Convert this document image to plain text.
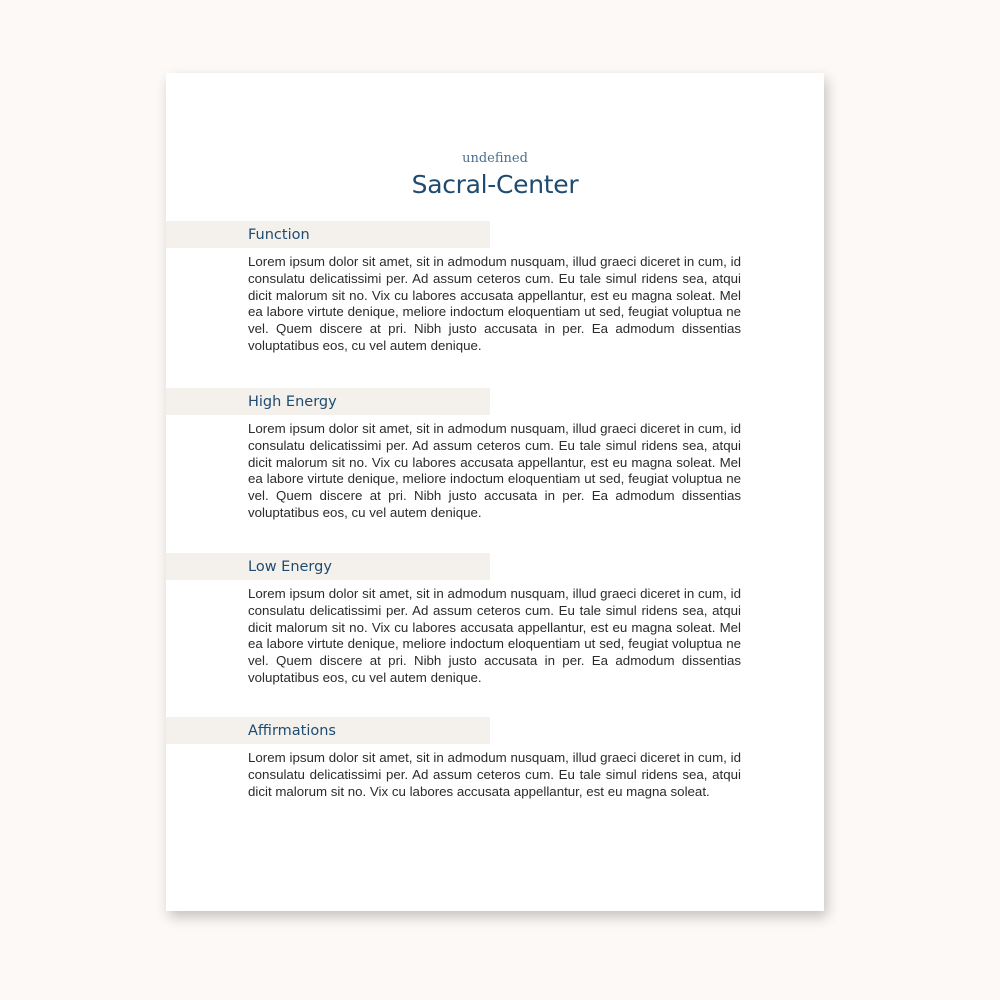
undefined
Sacral-Center
Function

Lorem ipsum dolor sit amet, sit in admodum nusquam, illud graeci diceret in cum, id consulatu delicatissimi per. Ad assum ceteros cum. Eu tale simul ridens sea, atqui dicit malorum sit no. Vix cu labores accusata appellantur, est eu magna soleat. Mel ea labore virtute denique, meliore indoctum eloquentiam ut sed, feugiat voluptua ne vel. Quem discere at pri. Nibh justo accusata in per. Ea admodum dissentias voluptatibus eos, cu vel autem denique.

High Energy

Lorem ipsum dolor sit amet, sit in admodum nusquam, illud graeci diceret in cum, id consulatu delicatissimi per. Ad assum ceteros cum. Eu tale simul ridens sea, atqui dicit malorum sit no. Vix cu labores accusata appellantur, est eu magna soleat. Mel ea labore virtute denique, meliore indoctum eloquentiam ut sed, feugiat voluptua ne vel. Quem discere at pri. Nibh justo accusata in per. Ea admodum dissentias voluptatibus eos, cu vel autem denique.

Low Energy

Lorem ipsum dolor sit amet, sit in admodum nusquam, illud graeci diceret in cum, id consulatu delicatissimi per. Ad assum ceteros cum. Eu tale simul ridens sea, atqui dicit malorum sit no. Vix cu labores accusata appellantur, est eu magna soleat. Mel ea labore virtute denique, meliore indoctum eloquentiam ut sed, feugiat voluptua ne vel. Quem discere at pri. Nibh justo accusata in per. Ea admodum dissentias voluptatibus eos, cu vel autem denique.

Affirmations

Lorem ipsum dolor sit amet, sit in admodum nusquam, illud graeci diceret in cum, id consulatu delicatissimi per. Ad assum ceteros cum. Eu tale simul ridens sea, atqui dicit malorum sit no. Vix cu labores accusata appellantur, est eu magna soleat.
